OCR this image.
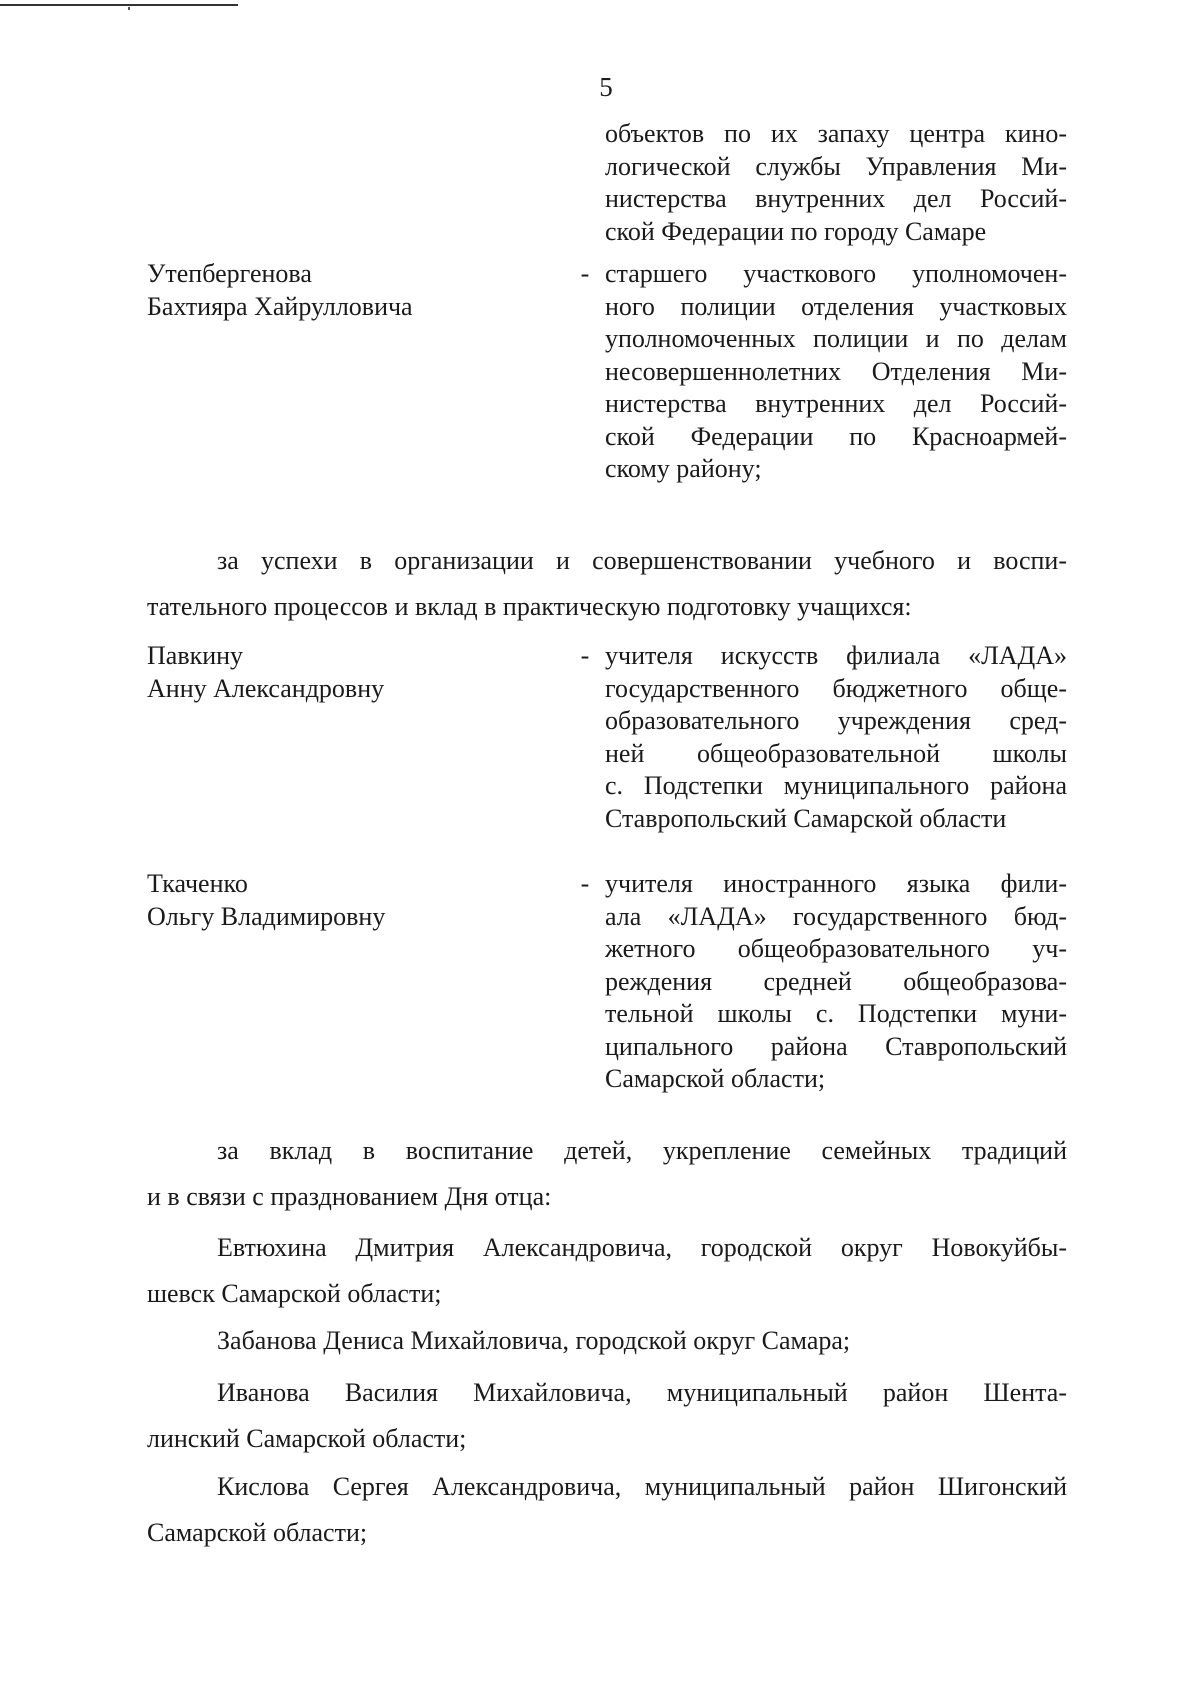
5
объектов по их запаху центра кино-
логической службы Управления Ми-
нистерства внутренних дел Россий-
ской Федерации по городу Самаре
Утепбергенова
Бахтияра Хайрулловича
- старшего участкового уполномочен-
ного полиции отделения участковых
уполномоченных полиции и по делам
несовершеннолетних Отделения Ми-
нистерства внутренних дел Россий-
ской Федерации по Красноармей-
скому району;
за успехи в организации и совершенствовании учебного и воспи-
тательного процессов и вклад в практическую подготовку учащихся:
Павкину
Анну Александровну
- учителя искусств филиала «ЛАДА»
государственного бюджетного обще-
образовательного учреждения сред-
ней общеобразовательной школы
с. Подстепки муниципального района
Ставропольский Самарской области
Ткаченко
Ольгу Владимировну
- учителя иностранного языка фили-
ала «ЛАДА» государственного бюд-
жетного общеобразовательного уч-
реждения средней общеобразова-
тельной школы с. Подстепки муни-
ципального района Ставропольский
Самарской области;
за вклад в воспитание детей, укрепление семейных традиций
и в связи с празднованием Дня отца:
Евтюхина Дмитрия Александровича, городской округ Новокуйбы-
шевск Самарской области;
Забанова Дениса Михайловича, городской округ Самара;
Иванова Василия Михайловича, муниципальный район Шента-
линский Самарской области;
Кислова Сергея Александровича, муниципальный район Шигонский
Самарской области;
